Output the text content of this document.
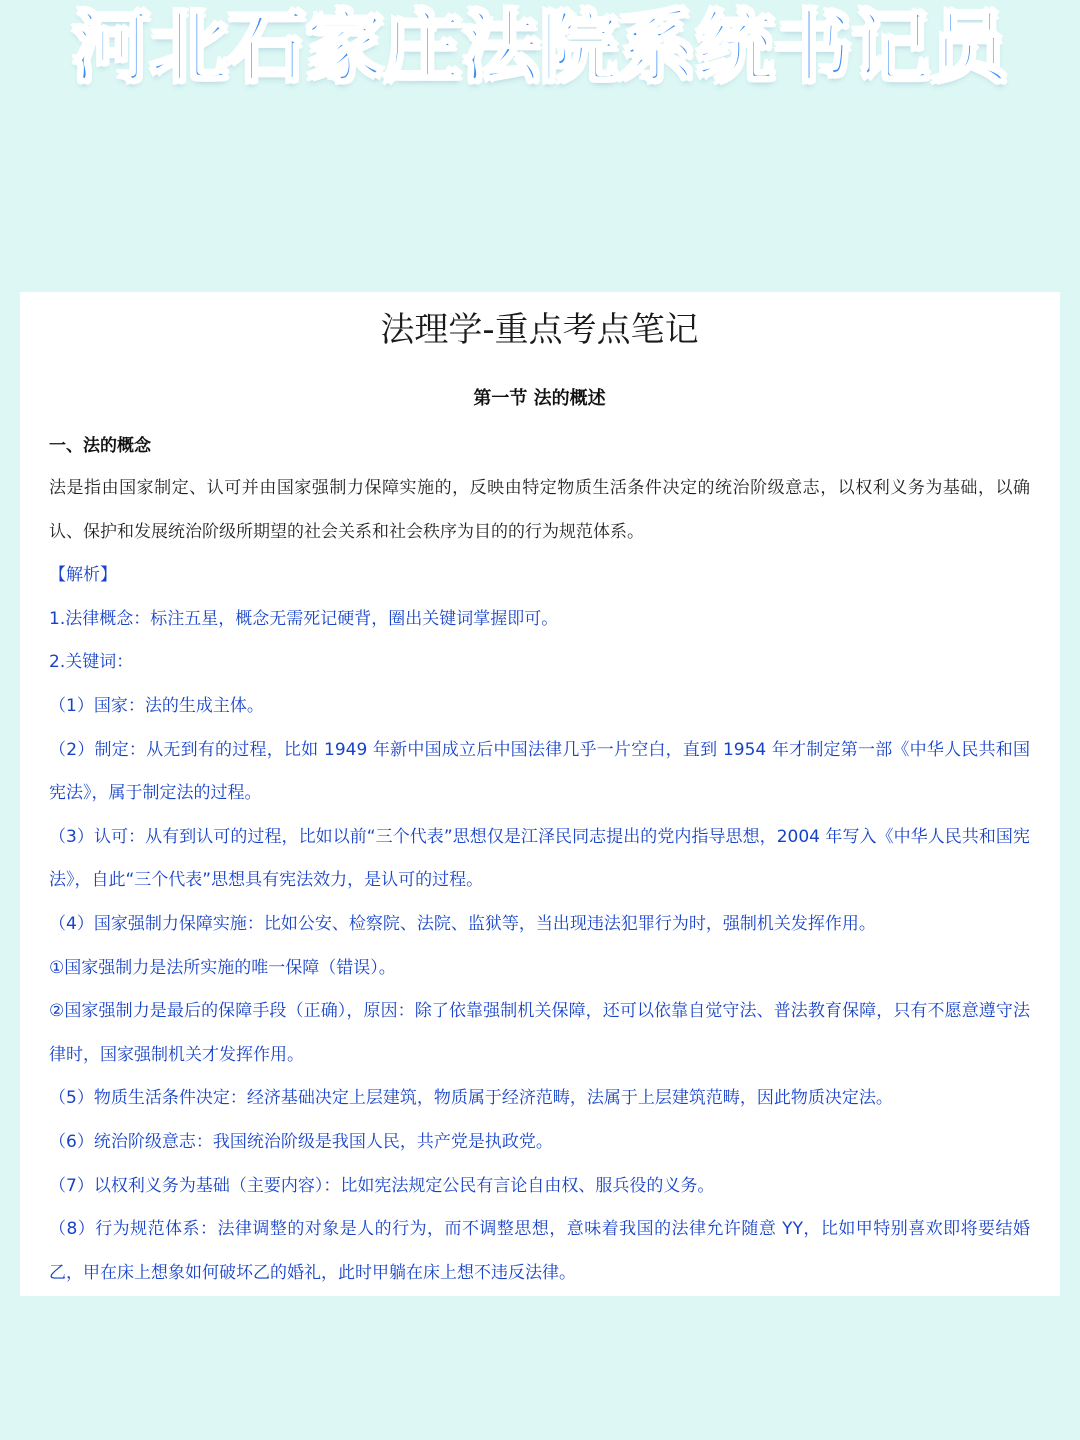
河北石家庄法院系统书记员
法理学-重点考点笔记
第一节 法的概述
一、法的概念

法是指由国家制定、认可并由国家强制力保障实施的，反映由特定物质生活条件决定的统治阶级意志，以权利义务为基础，以确认、保护和发展统治阶级所期望的社会关系和社会秩序为目的的行为规范体系。

【解析】

1.法律概念：标注五星，概念无需死记硬背，圈出关键词掌握即可。

2.关键词：

（1）国家：法的生成主体。

（2）制定：从无到有的过程，比如 1949 年新中国成立后中国法律几乎一片空白，直到 1954 年才制定第一部《中华人民共和国宪法》，属于制定法的过程。

（3）认可：从有到认可的过程，比如以前“三个代表”思想仅是江泽民同志提出的党内指导思想，2004 年写入《中华人民共和国宪法》，自此“三个代表”思想具有宪法效力，是认可的过程。

（4）国家强制力保障实施：比如公安、检察院、法院、监狱等，当出现违法犯罪行为时，强制机关发挥作用。

①国家强制力是法所实施的唯一保障（错误）。

②国家强制力是最后的保障手段（正确），原因：除了依靠强制机关保障，还可以依靠自觉守法、普法教育保障，只有不愿意遵守法律时，国家强制机关才发挥作用。

（5）物质生活条件决定：经济基础决定上层建筑，物质属于经济范畴，法属于上层建筑范畴，因此物质决定法。

（6）统治阶级意志：我国统治阶级是我国人民，共产党是执政党。

（7）以权利义务为基础（主要内容）：比如宪法规定公民有言论自由权、服兵役的义务。

（8）行为规范体系：法律调整的对象是人的行为，而不调整思想，意味着我国的法律允许随意 YY，比如甲特别喜欢即将要结婚乙，甲在床上想象如何破坏乙的婚礼，此时甲躺在床上想不违反法律。
